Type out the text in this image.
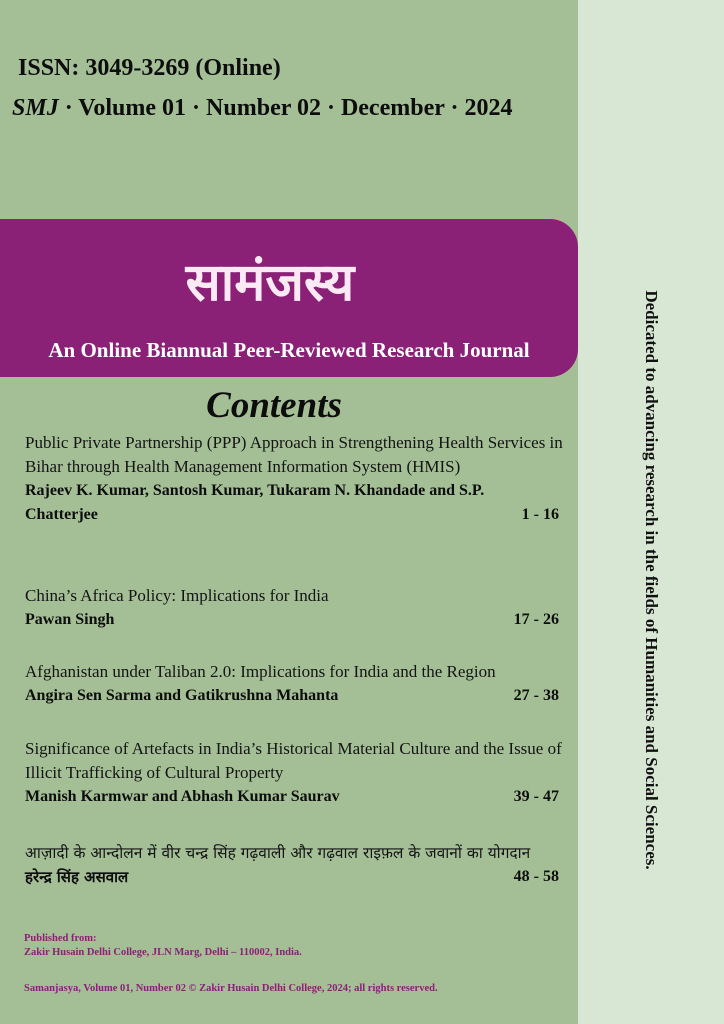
Dedicated to advancing research in the fields of Humanities and Social Sciences.
ISSN: 3049-3269 (Online)
SMJ · Volume 01 · Number 02 · December · 2024
सामंजस्य
An Online Biannual Peer-Reviewed Research Journal
Contents
Public Private Partnership (PPP) Approach in Strengthening Health Services in Bihar through Health Management Information System (HMIS)
Rajeev K. Kumar, Santosh Kumar, Tukaram N. Khandade and S.P. Chatterjee	1 - 16
China’s Africa Policy: Implications for India
Pawan Singh	17 - 26
Afghanistan under Taliban 2.0: Implications for India and the Region
Angira Sen Sarma and Gatikrushna Mahanta	27 - 38
Significance of Artefacts in India’s Historical Material Culture and the Issue of Illicit Trafficking of Cultural Property
Manish Karmwar and Abhash Kumar Saurav	39 - 47
आज़ादी के आन्दोलन में वीर चन्द्र सिंह गढ़वाली और गढ़वाल राइफ़ल के जवानों का योगदान
हरेन्द्र सिंह असवाल	48 - 58
Published from:
Zakir Husain Delhi College, JLN Marg, Delhi – 110002, India.
Samanjasya, Volume 01, Number 02 © Zakir Husain Delhi College, 2024; all rights reserved.
